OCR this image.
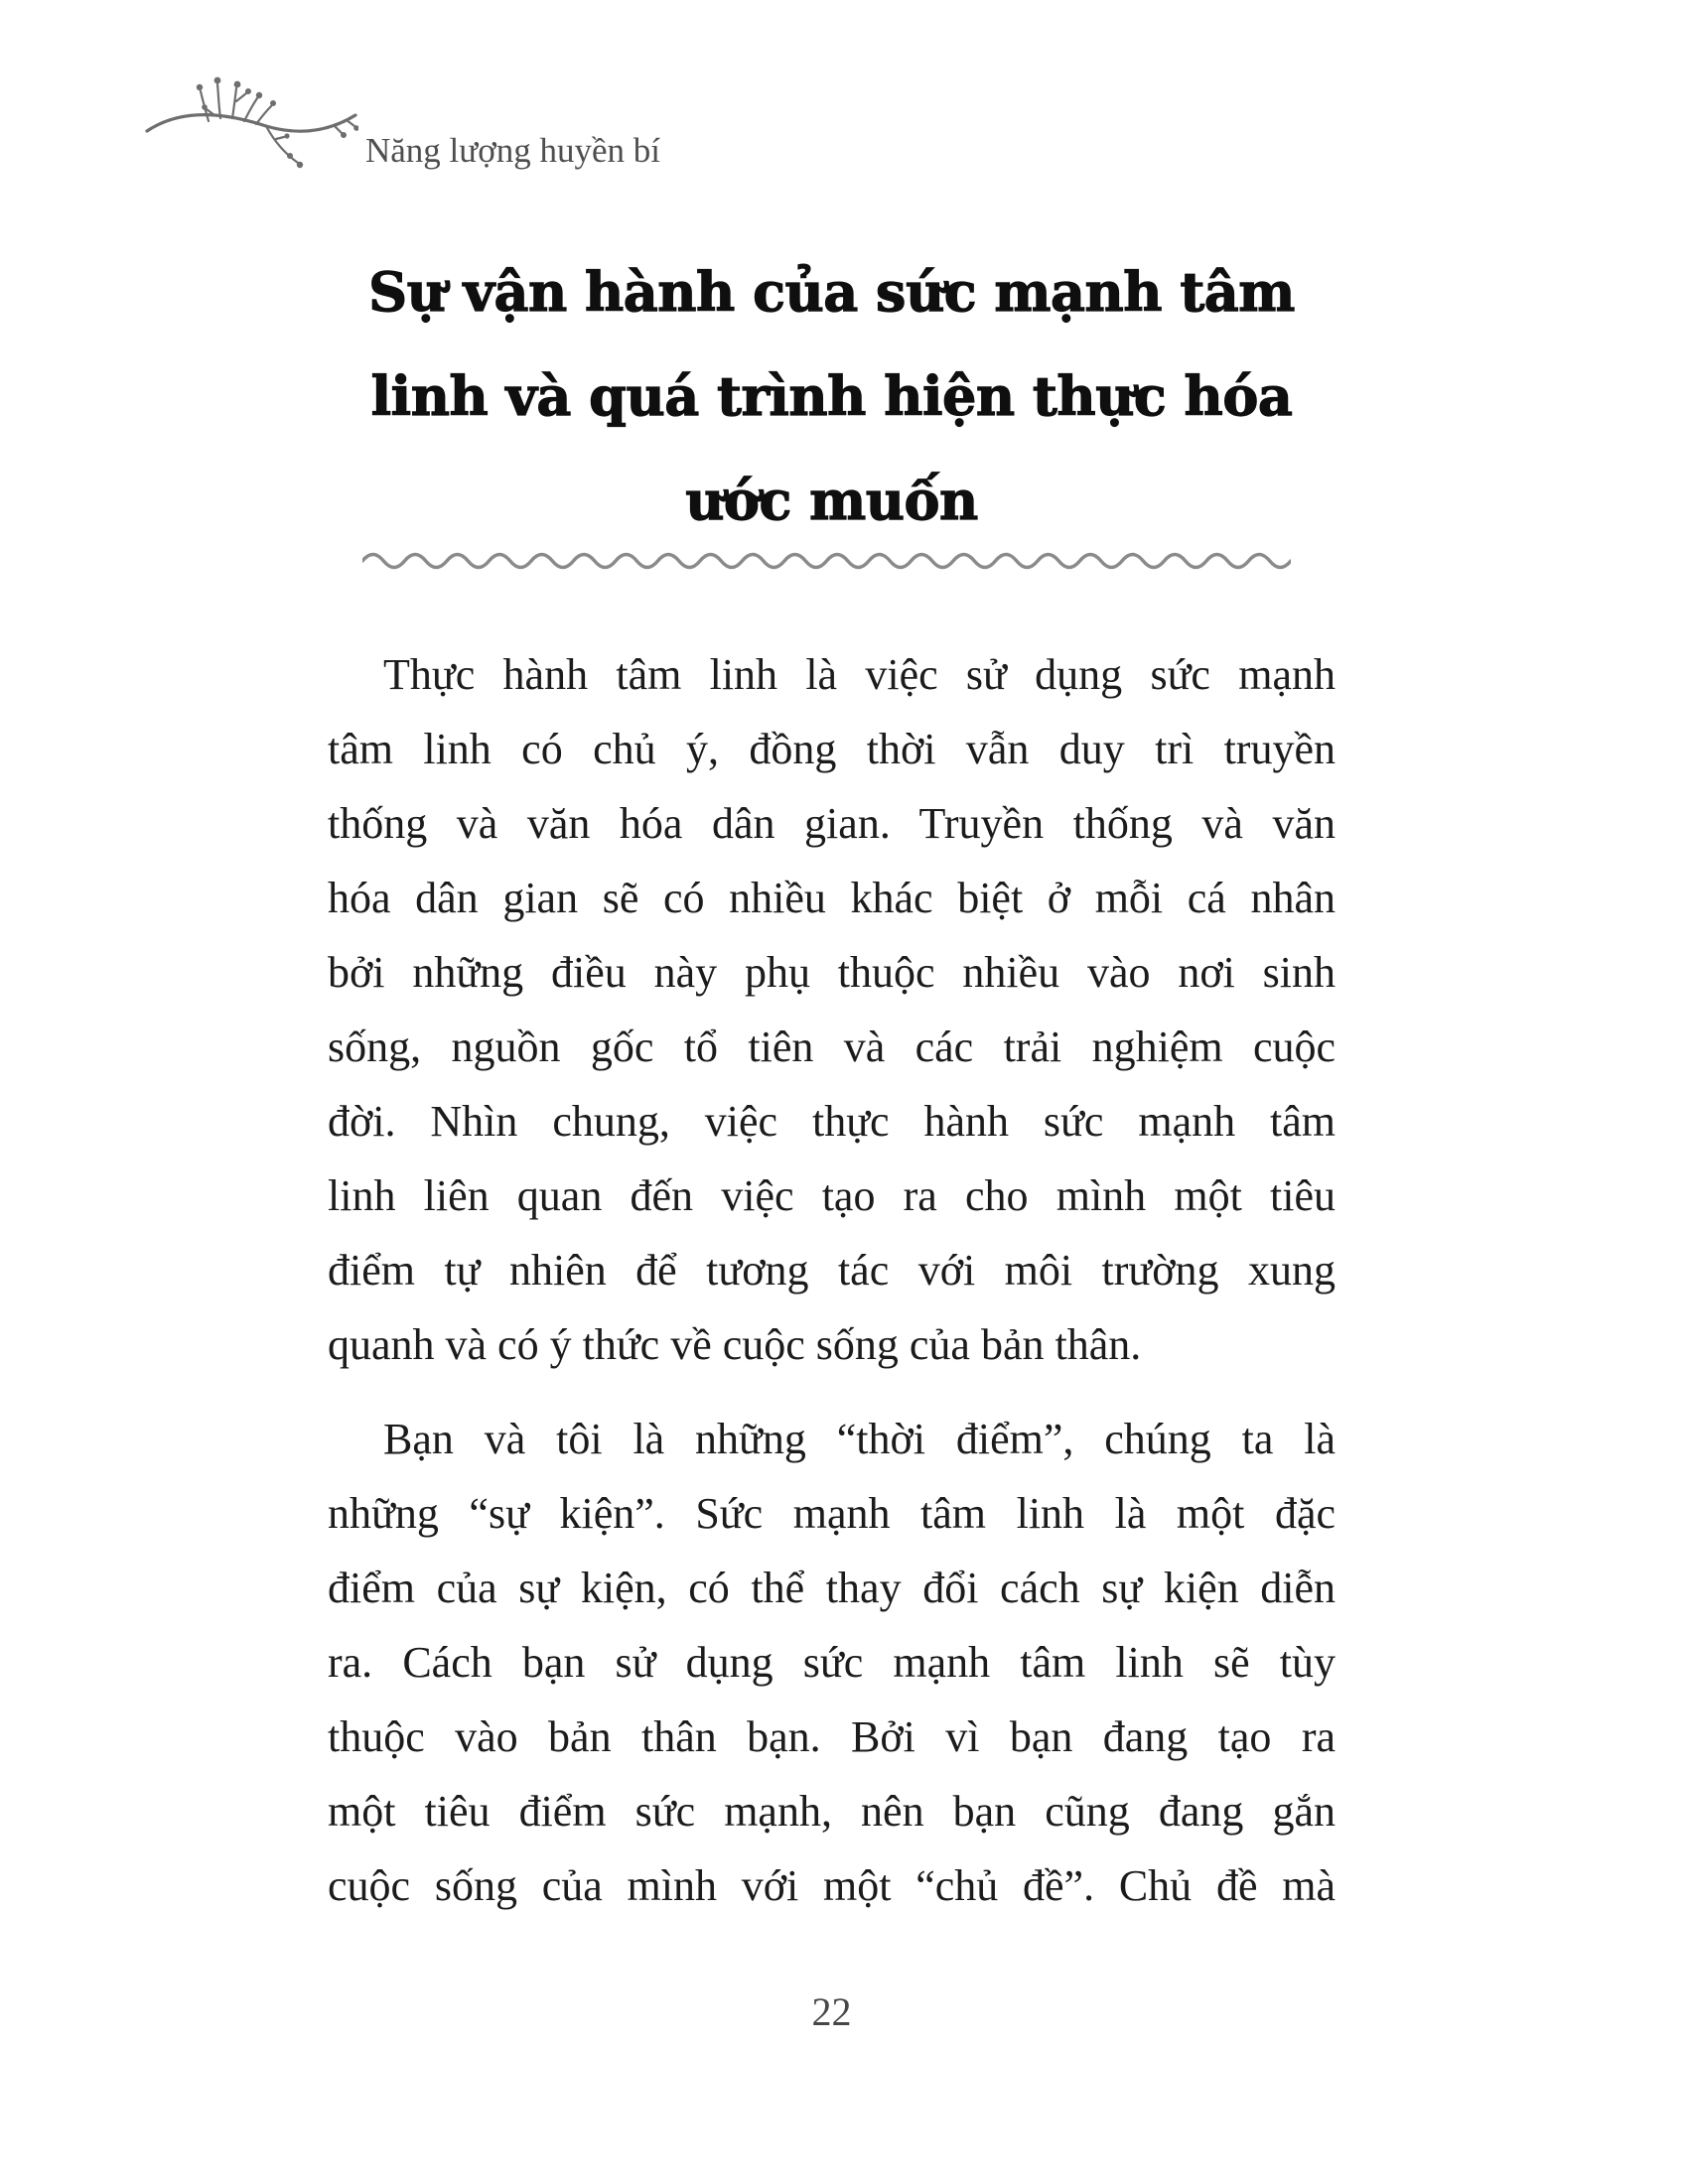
Năng lượng huyền bí
Sự vận hành của sức mạnh tâm
linh và quá trình hiện thực hóa
ước muốn
Thực hành tâm linh là việc sử dụng sức mạnh
tâm linh có chủ ý, đồng thời vẫn duy trì truyền
thống và văn hóa dân gian. Truyền thống và văn
hóa dân gian sẽ có nhiều khác biệt ở mỗi cá nhân
bởi những điều này phụ thuộc nhiều vào nơi sinh
sống, nguồn gốc tổ tiên và các trải nghiệm cuộc
đời. Nhìn chung, việc thực hành sức mạnh tâm
linh liên quan đến việc tạo ra cho mình một tiêu
điểm tự nhiên để tương tác với môi trường xung
quanh và có ý thức về cuộc sống của bản thân.
Bạn và tôi là những “thời điểm”, chúng ta là
những “sự kiện”. Sức mạnh tâm linh là một đặc
điểm của sự kiện, có thể thay đổi cách sự kiện diễn
ra. Cách bạn sử dụng sức mạnh tâm linh sẽ tùy
thuộc vào bản thân bạn. Bởi vì bạn đang tạo ra
một tiêu điểm sức mạnh, nên bạn cũng đang gắn
cuộc sống của mình với một “chủ đề”. Chủ đề mà
22
